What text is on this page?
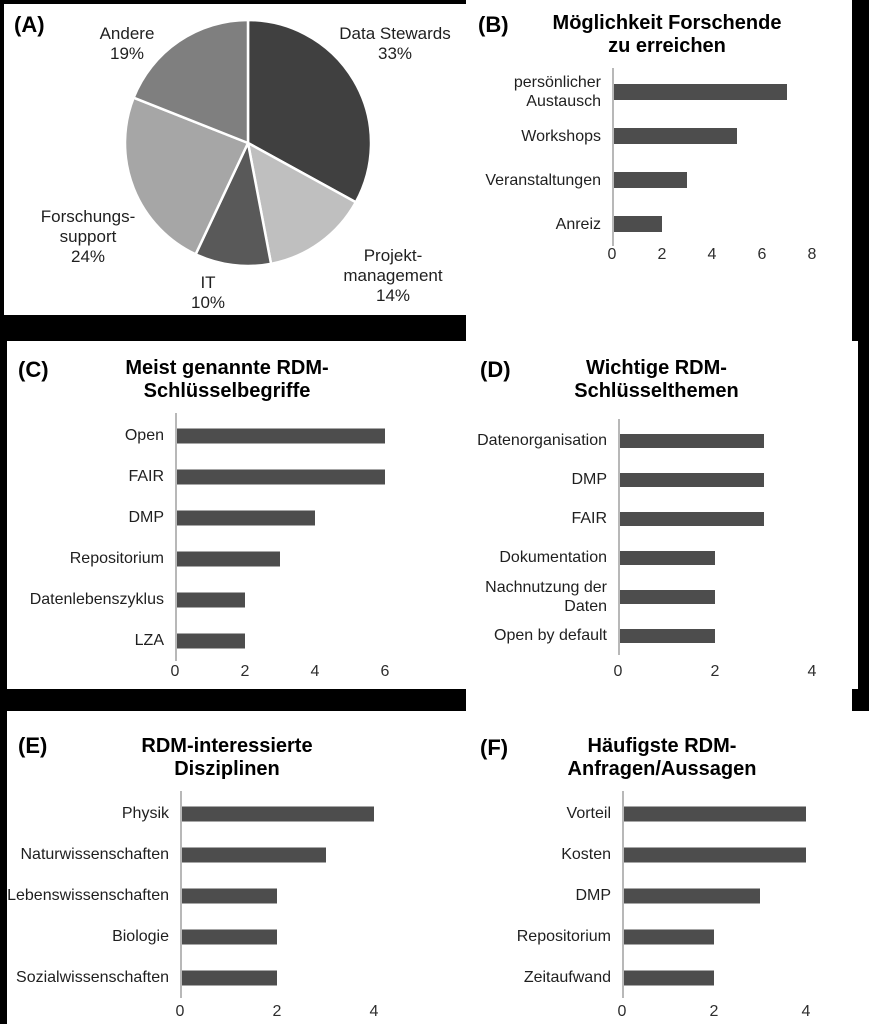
(A)	Data Stewards
33%
Projekt-
management
14%
IT
10%
Forschungs-
support
24%
Andere
19%
(B)	Möglichkeit Forschende
zu erreichen
persönlicher
Austausch
Workshops
Veranstaltungen
Anreiz
0	2	4	6	8
(C)	Meist genannte RDM-
Schlüsselbegriffe
Open
FAIR
DMP
Repositorium
Datenlebenszyklus
LZA
0	2	4	6
(D)	Wichtige RDM-
Schlüsselthemen
Datenorganisation
DMP
FAIR
Dokumentation
Nachnutzung der Daten
Open by default
0	2	4
(E)	RDM-interessierte
Disziplinen
Physik
Naturwissenschaften
Lebenswissenschaften
Biologie
Sozialwissenschaften
0	2	4
(F)	Häufigste RDM-
Anfragen/Aussagen
Vorteil
Kosten
DMP
Repositorium
Zeitaufwand
0	2	4
